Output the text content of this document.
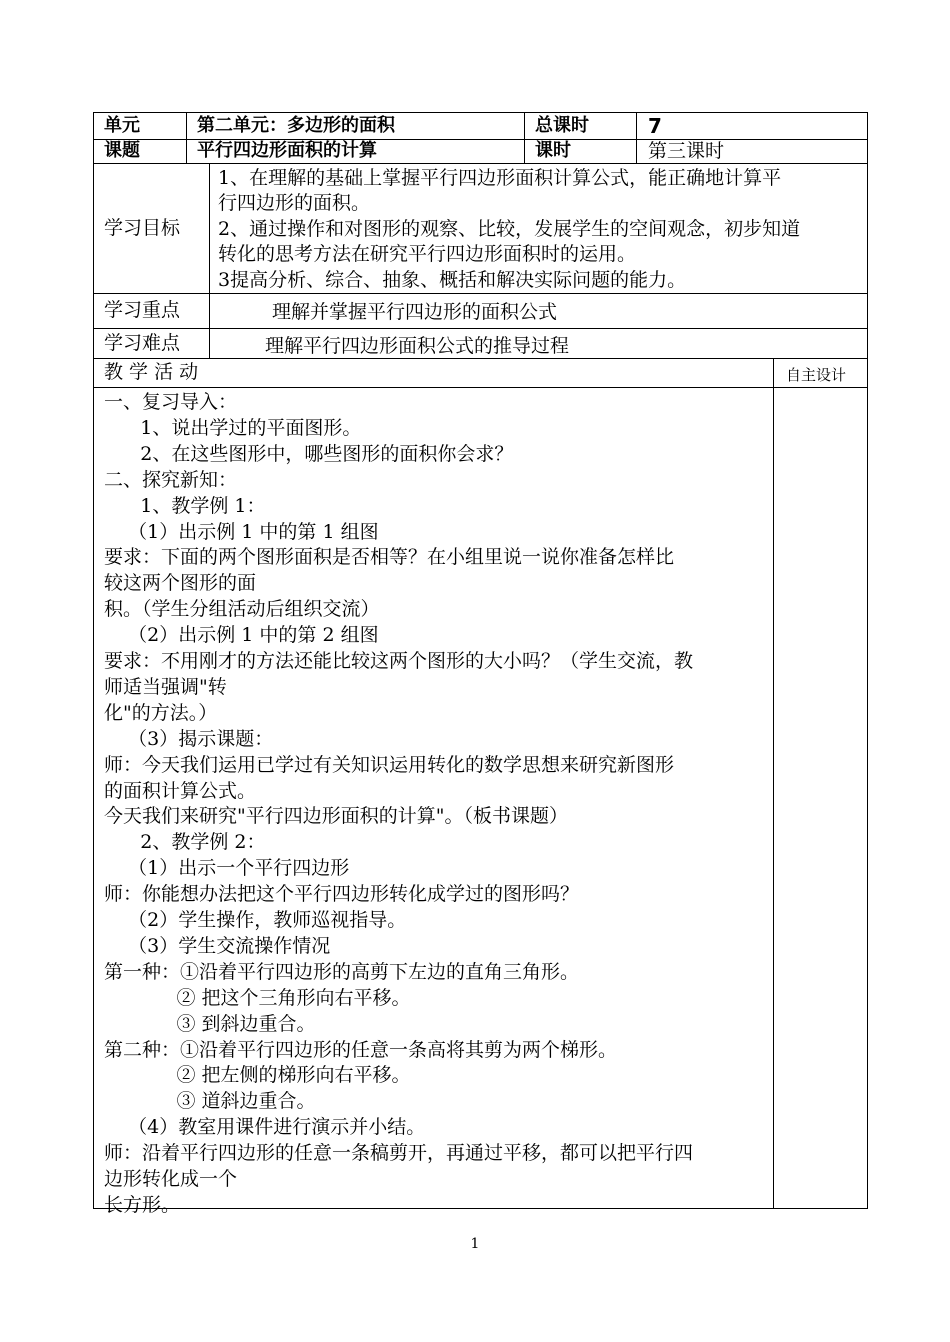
单元	第二单元：多边形的面积	总课时	7
课题	平行四边形面积的计算	课时	第三课时
学习目标
1、在理解的基础上掌握平行四边形面积计算公式，能正确地计算平
行四边形的面积。
2、通过操作和对图形的观察、比较，发展学生的空间观念，初步知道
转化的思考方法在研究平行四边形面积时的运用。
3提高分析、综合、抽象、概括和解决实际问题的能力。
学习重点	理解并掌握平行四边形的面积公式
学习难点	理解平行四边形面积公式的推导过程
教 学 活 动	自主设计
一、复习导入：
1、说出学过的平面图形。
2、在这些图形中，哪些图形的面积你会求？
二、探究新知：
1、教学例 1：
（1）出示例 1 中的第 1 组图
要求：下面的两个图形面积是否相等？在小组里说一说你准备怎样比
较这两个图形的面
积。（学生分组活动后组织交流）
（2）出示例 1 中的第 2 组图
要求：不用刚才的方法还能比较这两个图形的大小吗？（学生交流，教
师适当强调"转
化"的方法。）
（3）揭示课题：
师：今天我们运用已学过有关知识运用转化的数学思想来研究新图形
的面积计算公式。
今天我们来研究"平行四边形面积的计算"。（板书课题）
2、教学例 2：
（1）出示一个平行四边形
师：你能想办法把这个平行四边形转化成学过的图形吗？
（2）学生操作，教师巡视指导。
（3）学生交流操作情况
第一种：①沿着平行四边形的高剪下左边的直角三角形。
② 把这个三角形向右平移。
③ 到斜边重合。
第二种：①沿着平行四边形的任意一条高将其剪为两个梯形。
② 把左侧的梯形向右平移。
③ 道斜边重合。
（4）教室用课件进行演示并小结。
师：沿着平行四边形的任意一条稿剪开，再通过平移，都可以把平行四
边形转化成一个
长方形。
1
